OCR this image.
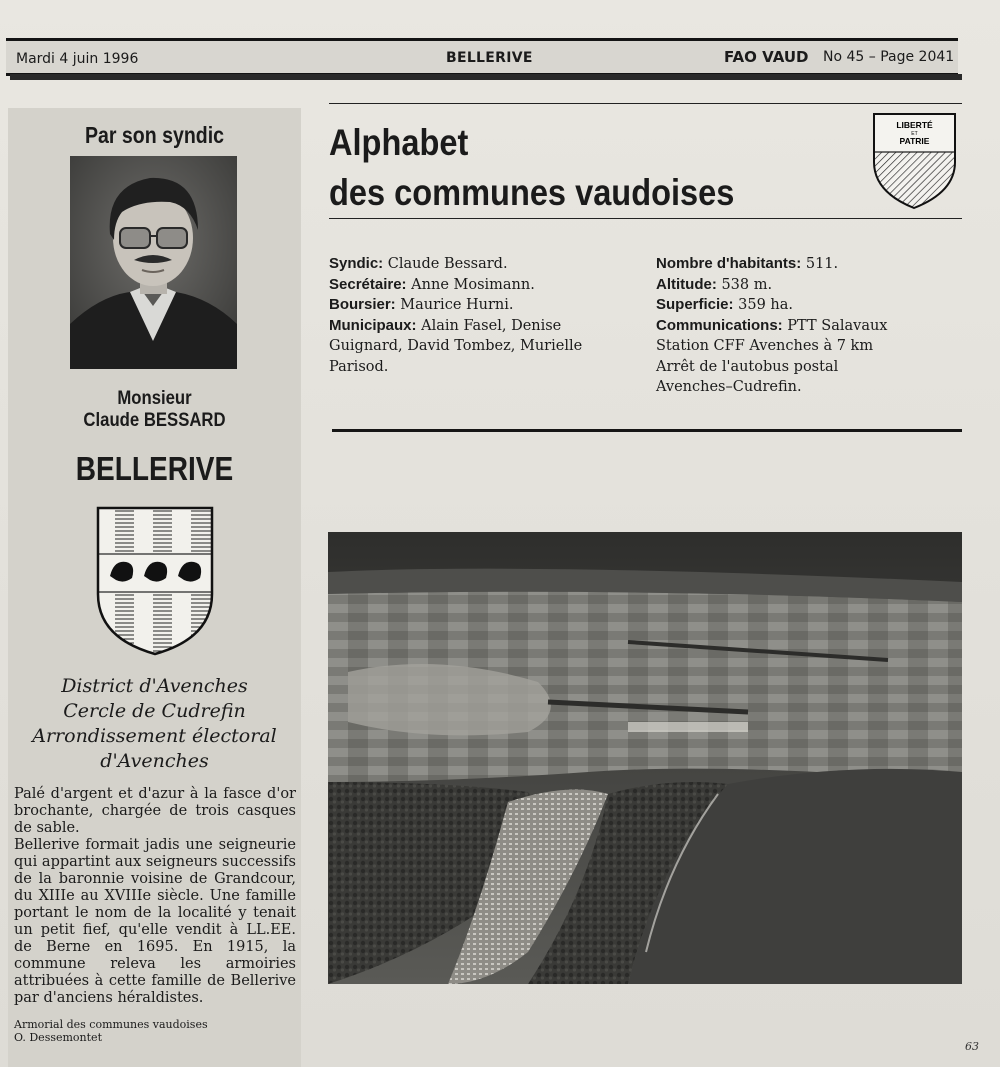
Mardi 4 juin 1996	BELLERIVE	FAO VAUD No 45 – Page 2041
Par son syndic
Monsieur
Claude BESSARD
BELLERIVE
District d'Avenches
Cercle de Cudrefin
Arrondissement électoral
d'Avenches

Palé d'argent et d'azur à la fasce d'or brochante, chargée de trois casques de sable.

Bellerive formait jadis une seigneurie qui appartint aux seigneurs successifs de la baronnie voisine de Grandcour, du XIIIe au XVIIIe siècle. Une famille portant le nom de la localité y tenait un petit fief, qu'elle vendit à LL.EE. de Berne en 1695. En 1915, la commune releva les armoiries attribuées à cette famille de Bellerive par d'anciens héraldistes.

Armorial des communes vaudoises
O. Dessemontet
Alphabet
des communes vaudoises
LIBERTÉ
ET
PATRIE
Syndic: Claude Bessard.
Secrétaire: Anne Mosimann.
Boursier: Maurice Hurni.
Municipaux: Alain Fasel, Denise Guignard, David Tombez, Murielle Parisod.
Nombre d'habitants: 511.
Altitude: 538 m.
Superficie: 359 ha.
Communications: PTT Salavaux
Station CFF Avenches à 7 km
Arrêt de l'autobus postal
Avenches–Cudrefin.
63
